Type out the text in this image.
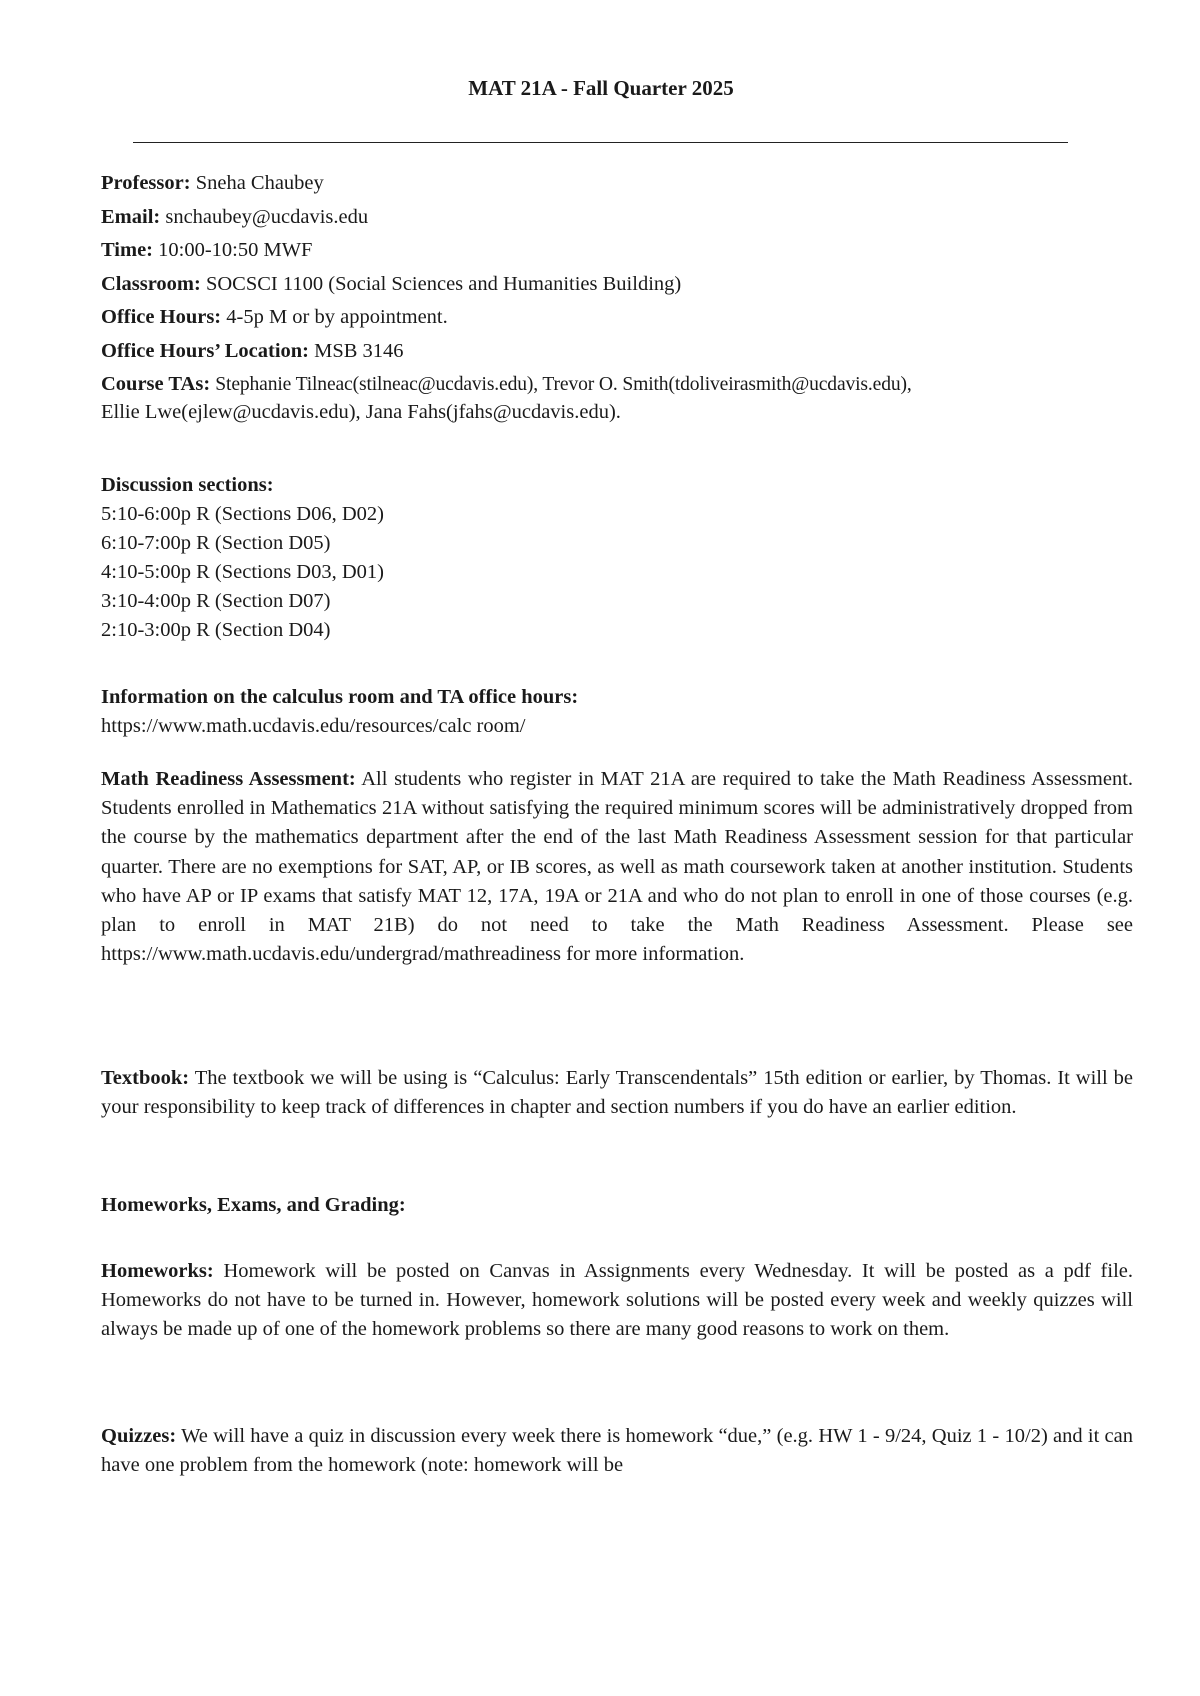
MAT 21A - Fall Quarter 2025
Professor: Sneha Chaubey
Email: snchaubey@ucdavis.edu
Time: 10:00-10:50 MWF
Classroom: SOCSCI 1100 (Social Sciences and Humanities Building)
Office Hours: 4-5p M or by appointment.
Office Hours’ Location: MSB 3146
Course TAs: Stephanie Tilneac(stilneac@ucdavis.edu), Trevor O. Smith(tdoliveirasmith@ucdavis.edu),
Ellie Lwe(ejlew@ucdavis.edu), Jana Fahs(jfahs@ucdavis.edu).
Discussion sections:
5:10-6:00p R (Sections D06, D02)
6:10-7:00p R (Section D05)
4:10-5:00p R (Sections D03, D01)
3:10-4:00p R (Section D07)
2:10-3:00p R (Section D04)
Information on the calculus room and TA office hours:
https://www.math.ucdavis.edu/resources/calc room/

Math Readiness Assessment: All students who register in MAT 21A are required to take the Math Readiness Assessment. Students enrolled in Mathematics 21A without satisfying the required minimum scores will be administratively dropped from the course by the mathematics department after the end of the last Math Readiness Assessment session for that particular quarter. There are no exemptions for SAT, AP, or IB scores, as well as math coursework taken at another institution. Students who have AP or IP exams that satisfy MAT 12, 17A, 19A or 21A and who do not plan to enroll in one of those courses (e.g. plan to enroll in MAT 21B) do not need to take the Math Readiness Assessment. Please see https://www.math.ucdavis.edu/undergrad/mathreadiness for more information.

Textbook: The textbook we will be using is “Calculus: Early Transcendentals” 15th edition or earlier, by Thomas. It will be your responsibility to keep track of differences in chapter and section numbers if you do have an earlier edition.

Homeworks, Exams, and Grading:

Homeworks: Homework will be posted on Canvas in Assignments every Wednesday. It will be posted as a pdf file. Homeworks do not have to be turned in. However, homework solutions will be posted every week and weekly quizzes will always be made up of one of the homework problems so there are many good reasons to work on them.

Quizzes: We will have a quiz in discussion every week there is homework “due,” (e.g. HW 1 - 9/24, Quiz 1 - 10/2) and it can have one problem from the homework (note: homework will be
